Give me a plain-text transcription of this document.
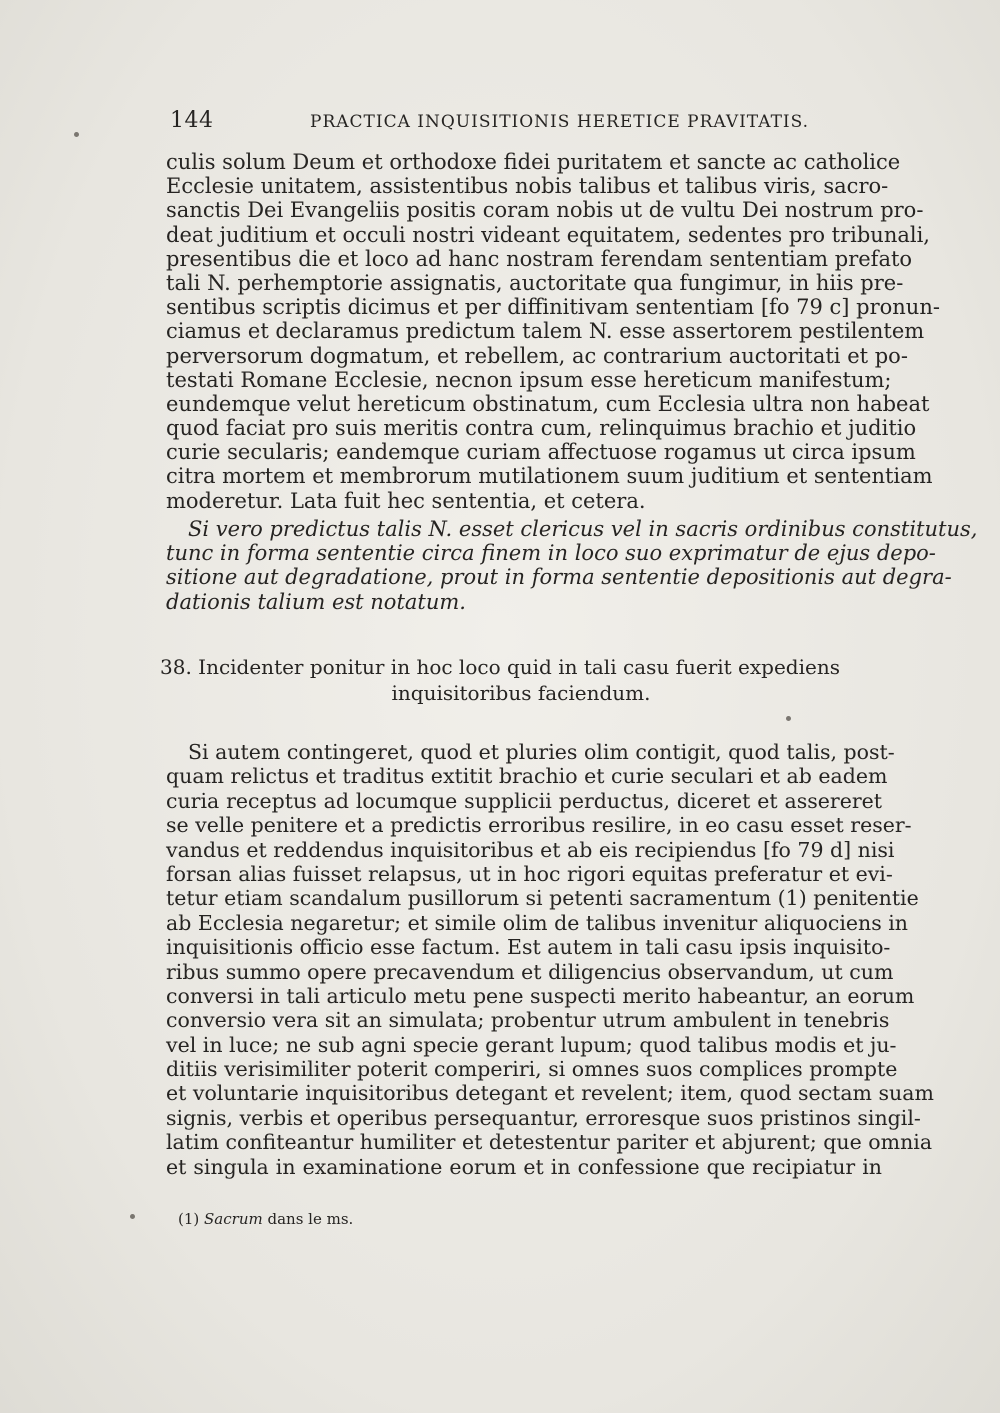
144	PRACTICA INQUISITIONIS HERETICE PRAVITATIS.
culis solum Deum et orthodoxe fidei puritatem et sancte ac catholice
Ecclesie unitatem, assistentibus nobis talibus et talibus viris, sacro-
sanctis Dei Evangeliis positis coram nobis ut de vultu Dei nostrum pro-
deat juditium et occuli nostri videant equitatem, sedentes pro tribunali,
presentibus die et loco ad hanc nostram ferendam sententiam prefato
tali N. perhemptorie assignatis, auctoritate qua fungimur, in hiis pre-
sentibus scriptis dicimus et per diffinitivam sententiam [fo 79 c] pronun-
ciamus et declaramus predictum talem N. esse assertorem pestilentem
perversorum dogmatum, et rebellem, ac contrarium auctoritati et po-
testati Romane Ecclesie, necnon ipsum esse hereticum manifestum;
eundemque velut hereticum obstinatum, cum Ecclesia ultra non habeat
quod faciat pro suis meritis contra cum, relinquimus brachio et juditio
curie secularis; eandemque curiam affectuose rogamus ut circa ipsum
citra mortem et membrorum mutilationem suum juditium et sententiam
moderetur. Lata fuit hec sententia, et cetera.
Si vero predictus talis N. esset clericus vel in sacris ordinibus constitutus,
tunc in forma sententie circa finem in loco suo exprimatur de ejus depo-
sitione aut degradatione, prout in forma sententie depositionis aut degra-
dationis talium est notatum.
38. Incidenter ponitur in hoc loco quid in tali casu fuerit expediens
inquisitoribus faciendum.
Si autem contingeret, quod et pluries olim contigit, quod talis, post-
quam relictus et traditus extitit brachio et curie seculari et ab eadem
curia receptus ad locumque supplicii perductus, diceret et assereret
se velle penitere et a predictis erroribus resilire, in eo casu esset reser-
vandus et reddendus inquisitoribus et ab eis recipiendus [fo 79 d] nisi
forsan alias fuisset relapsus, ut in hoc rigori equitas preferatur et evi-
tetur etiam scandalum pusillorum si petenti sacramentum (1) penitentie
ab Ecclesia negaretur; et simile olim de talibus invenitur aliquociens in
inquisitionis officio esse factum. Est autem in tali casu ipsis inquisito-
ribus summo opere precavendum et diligencius observandum, ut cum
conversi in tali articulo metu pene suspecti merito habeantur, an eorum
conversio vera sit an simulata; probentur utrum ambulent in tenebris
vel in luce; ne sub agni specie gerant lupum; quod talibus modis et ju-
ditiis verisimiliter poterit comperiri, si omnes suos complices prompte
et voluntarie inquisitoribus detegant et revelent; item, quod sectam suam
signis, verbis et operibus persequantur, erroresque suos pristinos singil-
latim confiteantur humiliter et detestentur pariter et abjurent; que omnia
et singula in examinatione eorum et in confessione que recipiatur in
(1) Sacrum dans le ms.
